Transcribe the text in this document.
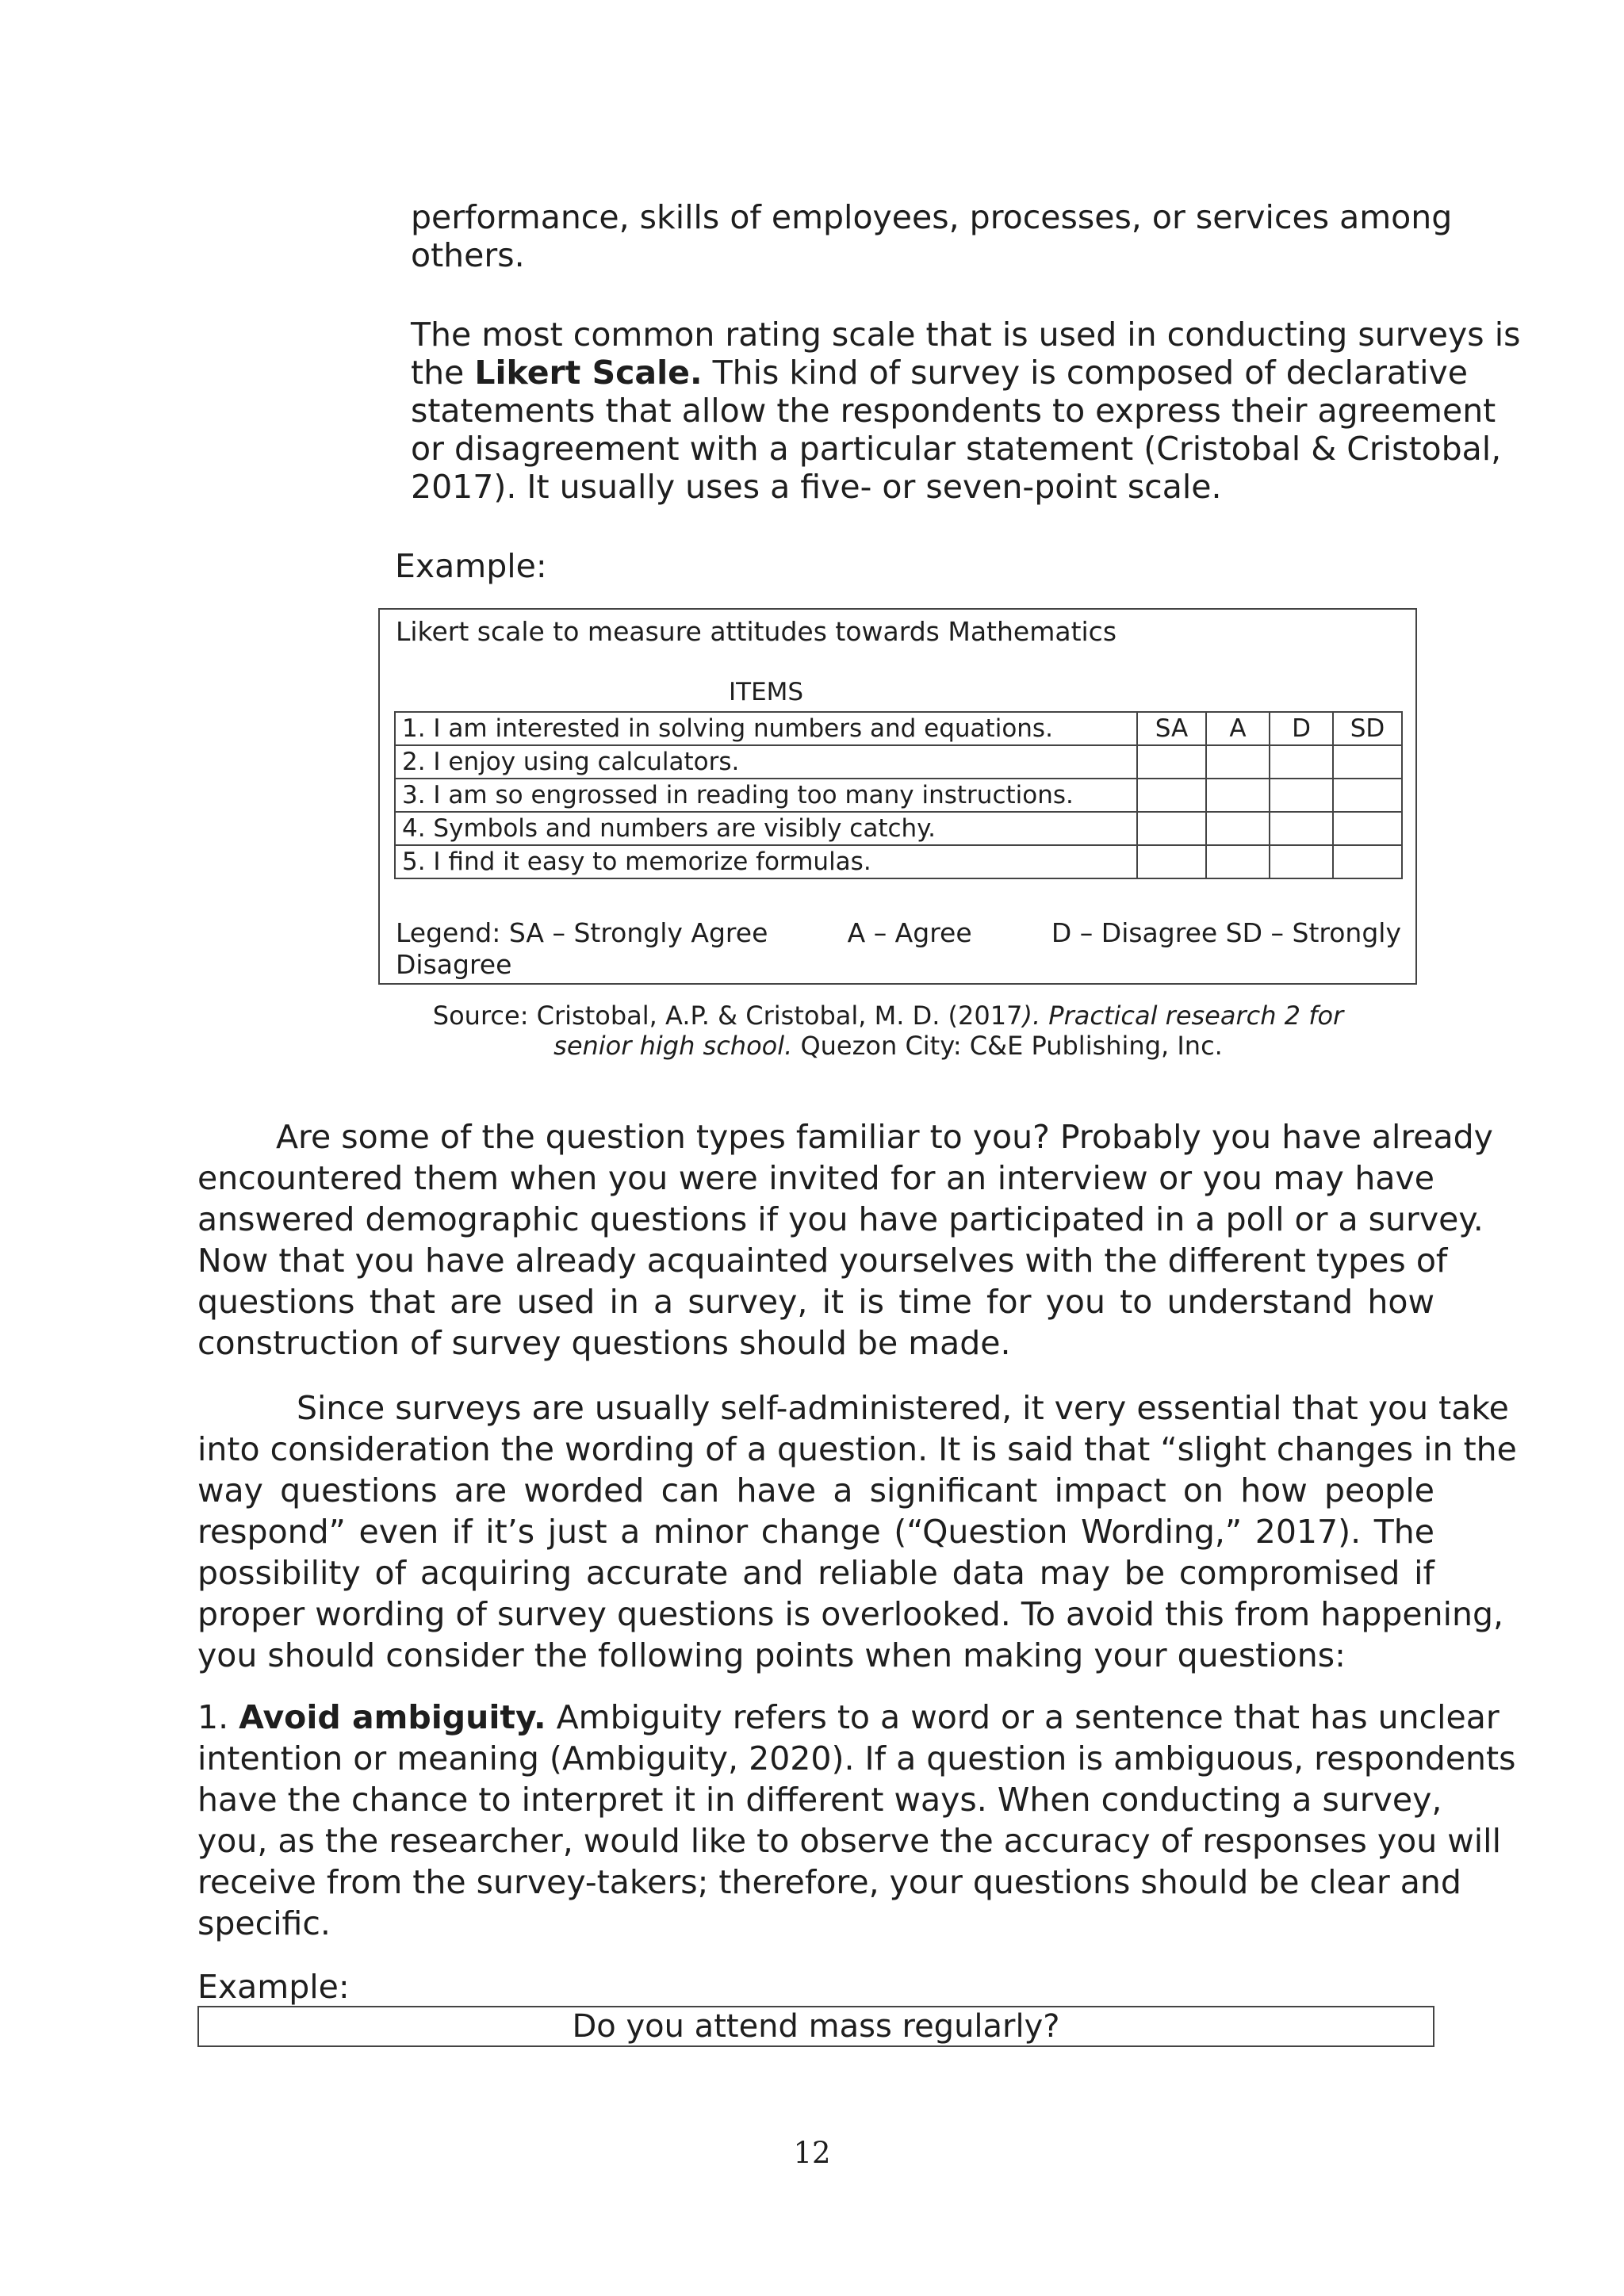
performance, skills of employees, processes, or services among
others.
The most common rating scale that is used in conducting surveys is
the Likert Scale. This kind of survey is composed of declarative
statements that allow the respondents to express their agreement
or disagreement with a particular statement (Cristobal & Cristobal,
2017). It usually uses a five- or seven-point scale.
Example:
Likert scale to measure attitudes towards Mathematics
ITEMS
1. I am interested in solving numbers and equations.	SA	A	D	SD
2. I enjoy using calculators.				
3. I am so engrossed in reading too many instructions.				
4. Symbols and numbers are visibly catchy.				
5. I find it easy to memorize formulas.				
Legend: SA – Strongly Agree	A – Agree	D – Disagree SD – Strongly
Disagree
Source: Cristobal, A.P. & Cristobal, M. D. (2017). Practical research 2 for
senior high school. Quezon City: C&E Publishing, Inc.
Are some of the question types familiar to you? Probably you have already
encountered them when you were invited for an interview or you may have
answered demographic questions if you have participated in a poll or a survey.
Now that you have already acquainted yourselves with the different types of
questions that are used in a survey, it is time for you to understand how
construction of survey questions should be made.
Since surveys are usually self-administered, it very essential that you take
into consideration the wording of a question. It is said that “slight changes in the
way questions are worded can have a significant impact on how people
respond” even if it’s just a minor change (“Question Wording,” 2017). The
possibility of acquiring accurate and reliable data may be compromised if
proper wording of survey questions is overlooked. To avoid this from happening,
you should consider the following points when making your questions:
1. Avoid ambiguity. Ambiguity refers to a word or a sentence that has unclear
intention or meaning (Ambiguity, 2020). If a question is ambiguous, respondents
have the chance to interpret it in different ways. When conducting a survey,
you, as the researcher, would like to observe the accuracy of responses you will
receive from the survey-takers; therefore, your questions should be clear and
specific.
Example:
Do you attend mass regularly?
12
